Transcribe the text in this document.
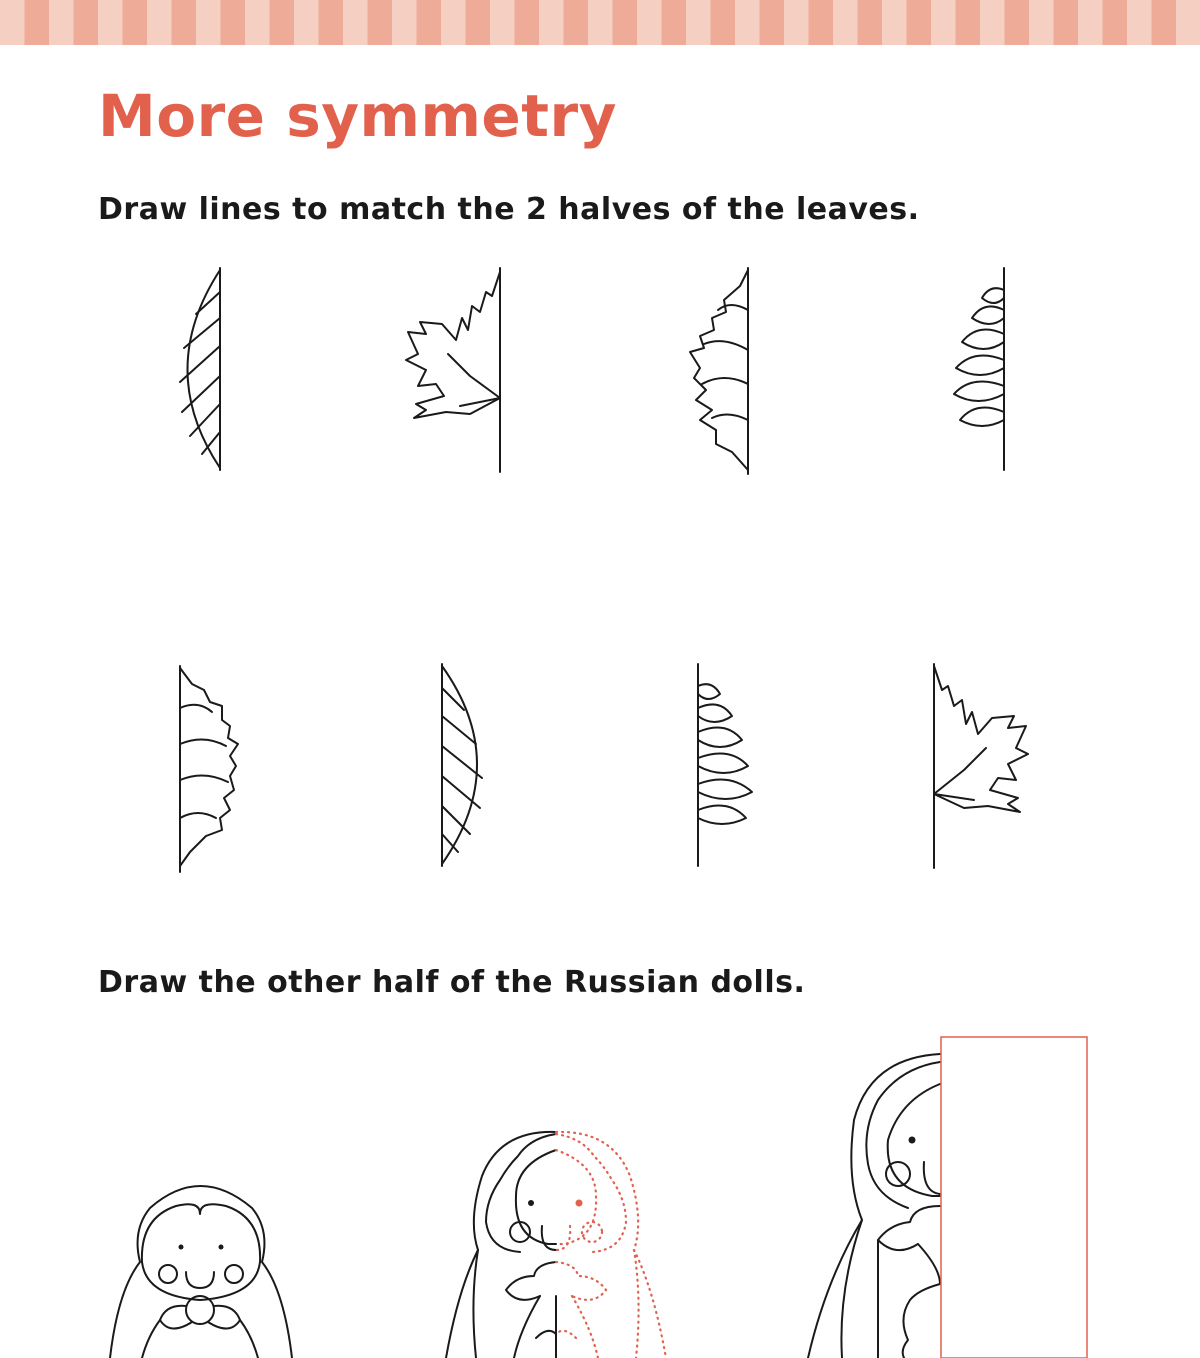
More symmetry

Draw lines to match the 2 halves of the leaves.

Draw the other half of the Russian dolls.
